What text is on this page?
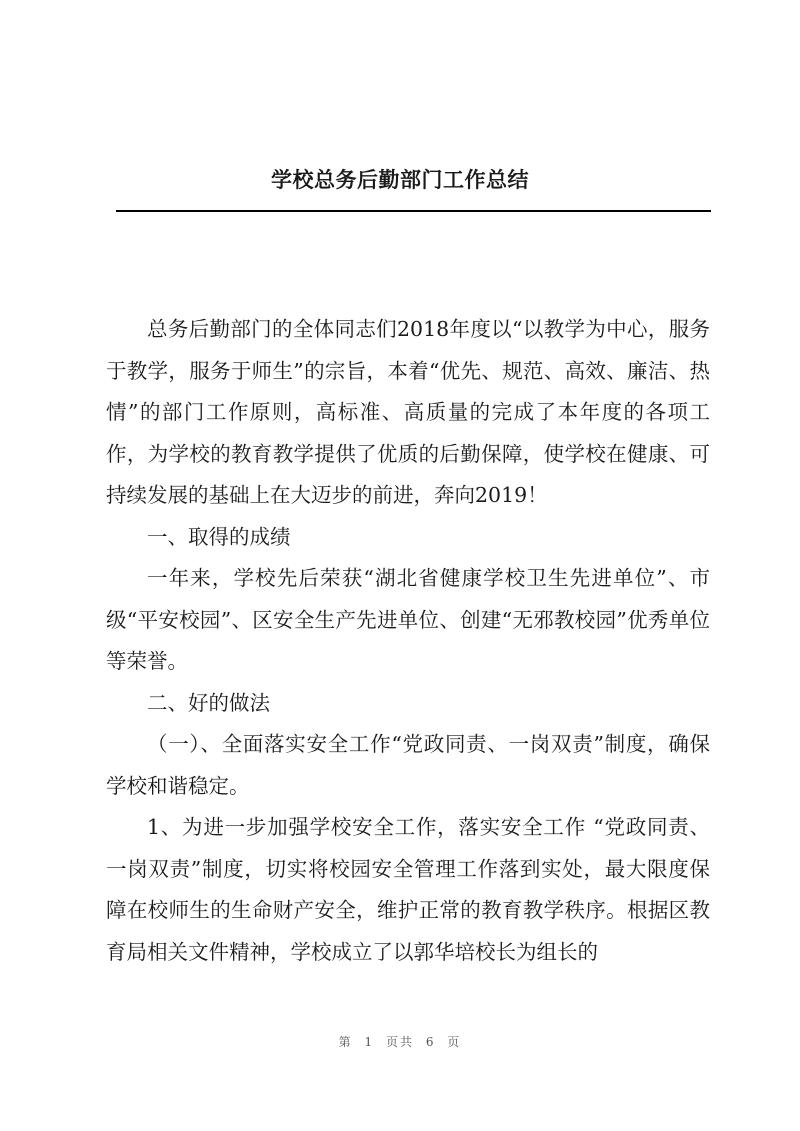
学校总务后勤部门工作总结

总务后勤部门的全体同志们2018年度以“以教学为中心，服务于教学，服务于师生”的宗旨，本着“优先、规范、高效、廉洁、热情”的部门工作原则，高标准、高质量的完成了本年度的各项工作，为学校的教育教学提供了优质的后勤保障，使学校在健康、可持续发展的基础上在大迈步的前进，奔向2019！

一、取得的成绩

一年来，学校先后荣获“湖北省健康学校卫生先进单位”、市级“平安校园”、区安全生产先进单位、创建“无邪教校园”优秀单位等荣誉。

二、好的做法

（一）、全面落实安全工作“党政同责、一岗双责”制度，确保学校和谐稳定。

1、为进一步加强学校安全工作，落实安全工作 “党政同责、一岗双责”制度，切实将校园安全管理工作落到实处，最大限度保障在校师生的生命财产安全，维护正常的教育教学秩序。根据区教育局相关文件精神，学校成立了以郭华培校长为组长的

第 1 页共 6 页
